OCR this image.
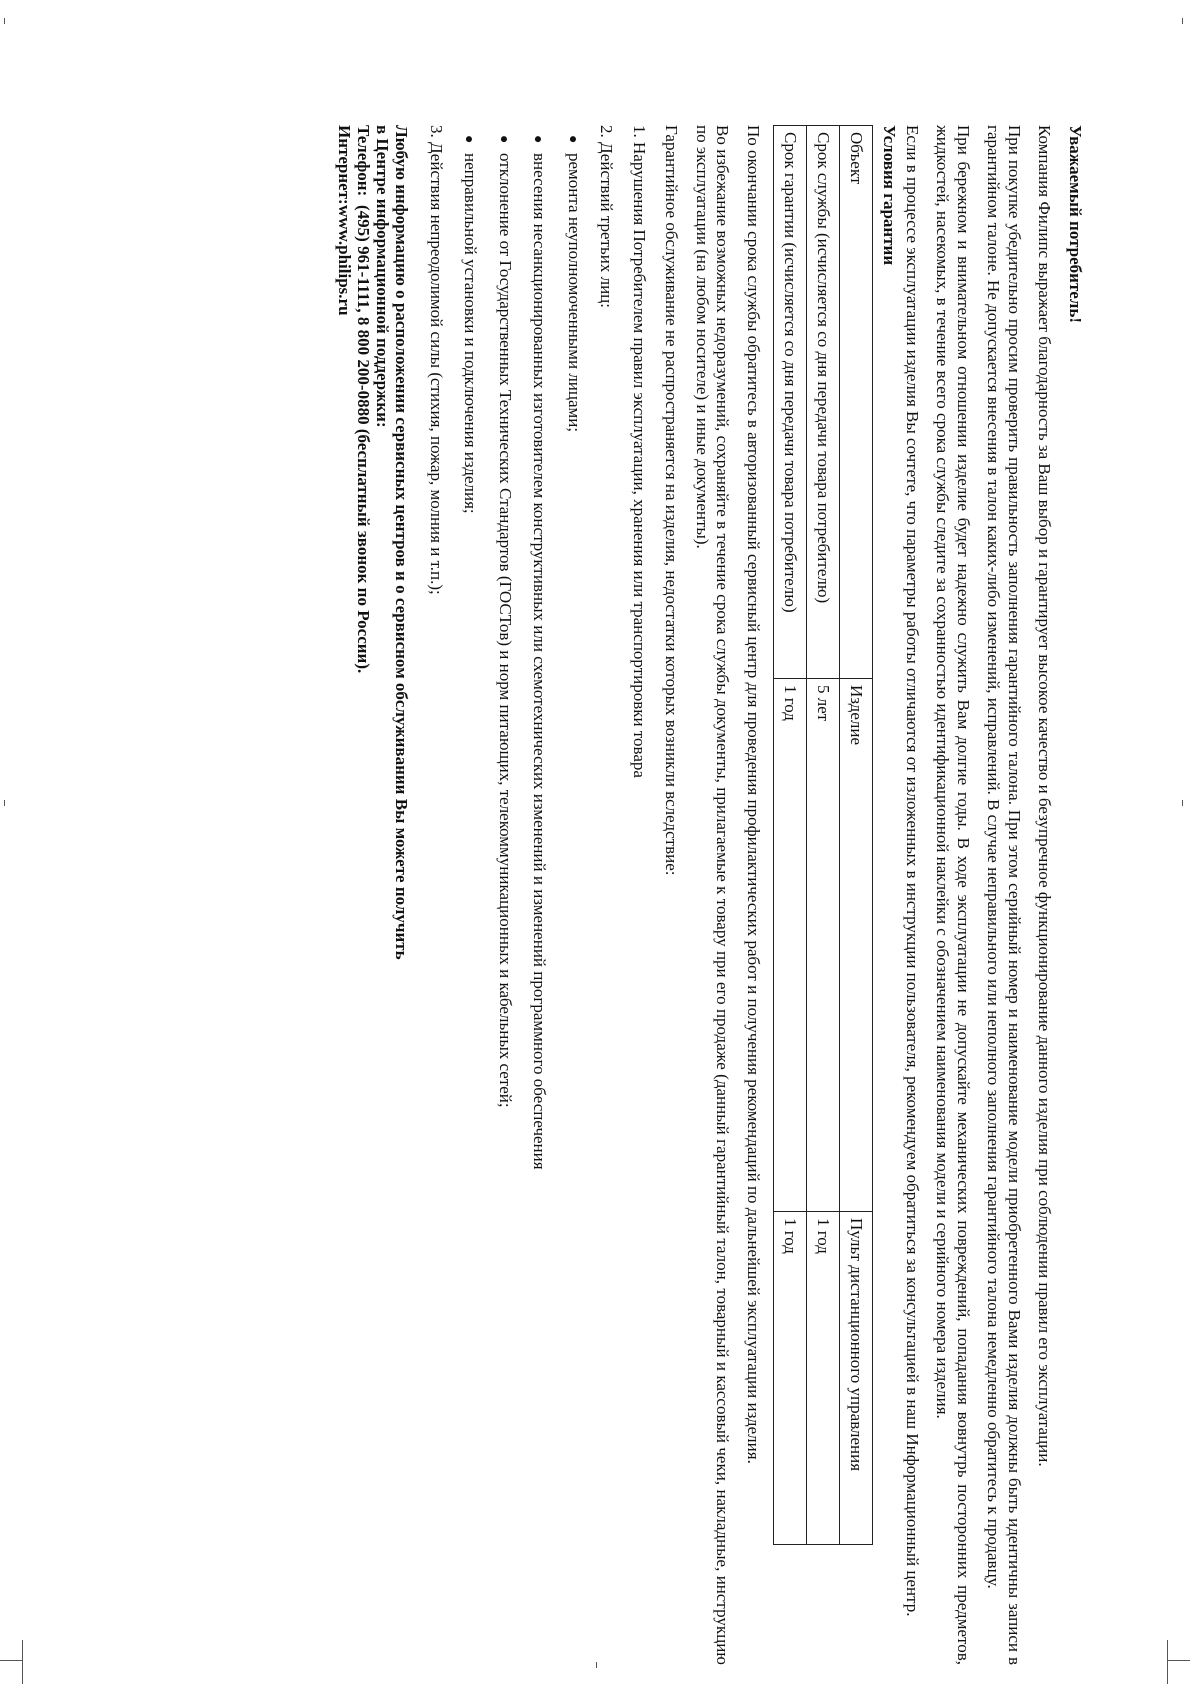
Уважаемый потребитель!

Компания Филипс выражает благодарность за Ваш выбор и гарантирует высокое качество и безупречное функционирование данного изделия при соблюдении правил его эксплуатации.

При покупке убедительно просим проверить правильность заполнения гарантийного талона. При этом серийный номер и наименование модели приобретенного Вами изделия должны быть идентичны записи в гарантийном талоне. Не допускается внесения в талон каких-либо изменений, исправлений. В случае неправильного или неполного заполнения гарантийного талона немедленно обратитесь к продавцу.

При бережном и внимательном отношении изделие будет надежно служить Вам долгие годы. В ходе эксплуатации не допускайте механических повреждений, попадания вовнутрь посторонних предметов, жидкостей, насекомых, в течение всего срока службы следите за сохранностью идентификационной наклейки с обозначением наименования модели и серийного номера изделия.

Если в процессе эксплуатации изделия Вы сочтете, что параметры работы отличаются от изложенных в инструкции пользователя, рекомендуем обратиться за консультацией в наш Информационный центр.

Условия гарантии

Объект	Изделие	Пульт дистанционного управления
Срок службы (исчисляется со дня передачи товара потребителю)	5 лет	1 год
Срок гарантии (исчисляется со дня передачи товара потребителю)	1 год	1 год

По окончании срока службы обратитесь в авторизованный сервисный центр для проведения профилактических работ и получения рекомендаций по дальнейшей эксплуатации изделия.

Во избежание возможных недоразумений, сохраняйте в течение срока службы документы, прилагаемые к товару при его продаже (данный гарантийный талон, товарный и кассовый чеки, накладные, инструкцию по эксплуатации (на любом носителе) и иные документы).

Гарантийное обслуживание не распространяется на изделия, недостатки которых возникли вследствие:

1. Нарушения Потребителем правил эксплуатации, хранения или транспортировки товара

2. Действий третьих лиц:

●ремонта неуполномоченными лицами;

●внесения несанкционированных изготовителем конструктивных или схемотехнических изменений и изменений программного обеспечения

●отклонение от Государственных Технических Стандартов (ГОСТов) и норм питающих, телекоммуникационных и кабельных сетей;

●неправильной установки и подключения изделия;

3. Действия непреодолимой силы (стихия, пожар, молния и т.п.);

Любую информацию о расположении сервисных центров и о сервисном обслуживании Вы можете получить

в Центре информационной поддержки:

Телефон:(495) 961-1111, 8 800 200-0880 (бесплатный звонок по России).

Интернет:www.philips.ru
